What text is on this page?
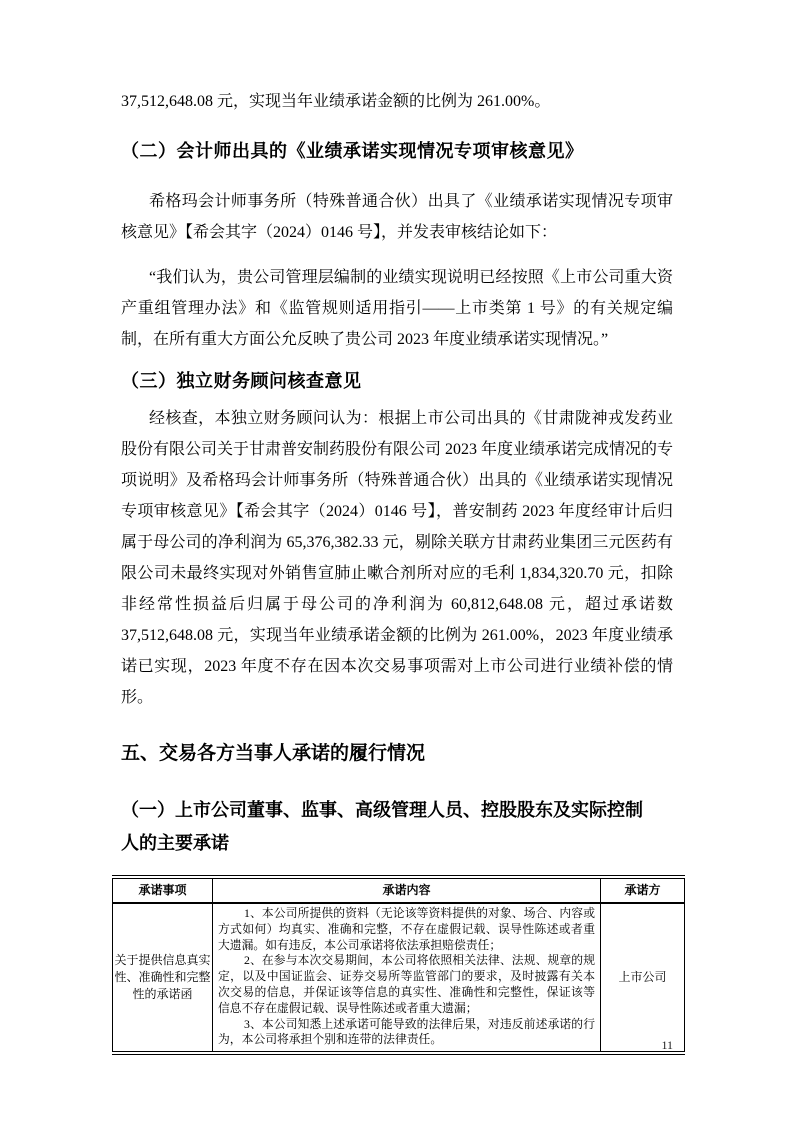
37,512,648.08 元，实现当年业绩承诺金额的比例为 261.00%。

（二）会计师出具的《业绩承诺实现情况专项审核意见》

希格玛会计师事务所（特殊普通合伙）出具了《业绩承诺实现情况专项审核意见》【希会其字（2024）0146 号】，并发表审核结论如下：

“我们认为，贵公司管理层编制的业绩实现说明已经按照《上市公司重大资产重组管理办法》和《监管规则适用指引——上市类第 1 号》的有关规定编制，在所有重大方面公允反映了贵公司 2023 年度业绩承诺实现情况。”

（三）独立财务顾问核查意见

经核查，本独立财务顾问认为：根据上市公司出具的《甘肃陇神戎发药业股份有限公司关于甘肃普安制药股份有限公司 2023 年度业绩承诺完成情况的专项说明》及希格玛会计师事务所（特殊普通合伙）出具的《业绩承诺实现情况专项审核意见》【希会其字（2024）0146 号】，普安制药 2023 年度经审计后归属于母公司的净利润为 65,376,382.33 元，剔除关联方甘肃药业集团三元医药有限公司未最终实现对外销售宣肺止嗽合剂所对应的毛利 1,834,320.70 元，扣除非经常性损益后归属于母公司的净利润为 60,812,648.08 元，超过承诺数 37,512,648.08 元，实现当年业绩承诺金额的比例为 261.00%，2023 年度业绩承诺已实现，2023 年度不存在因本次交易事项需对上市公司进行业绩补偿的情形。

五、交易各方当事人承诺的履行情况
（一）上市公司董事、监事、高级管理人员、控股股东及实际控制
人的主要承诺
承诺事项	承诺内容	承诺方
关于提供信息真实性、准确性和完整性的承诺函	1、本公司所提供的资料（无论该等资料提供的对象、场合、内容或方式如何）均真实、准确和完整，不存在虚假记载、误导性陈述或者重大遗漏。如有违反，本公司承诺将依法承担赔偿责任；

2、在参与本次交易期间，本公司将依照相关法律、法规、规章的规定，以及中国证监会、证券交易所等监管部门的要求，及时披露有关本次交易的信息，并保证该等信息的真实性、准确性和完整性，保证该等信息不存在虚假记载、误导性陈述或者重大遗漏；

3、本公司知悉上述承诺可能导致的法律后果，对违反前述承诺的行为，本公司将承担个别和连带的法律责任。	上市公司
11
